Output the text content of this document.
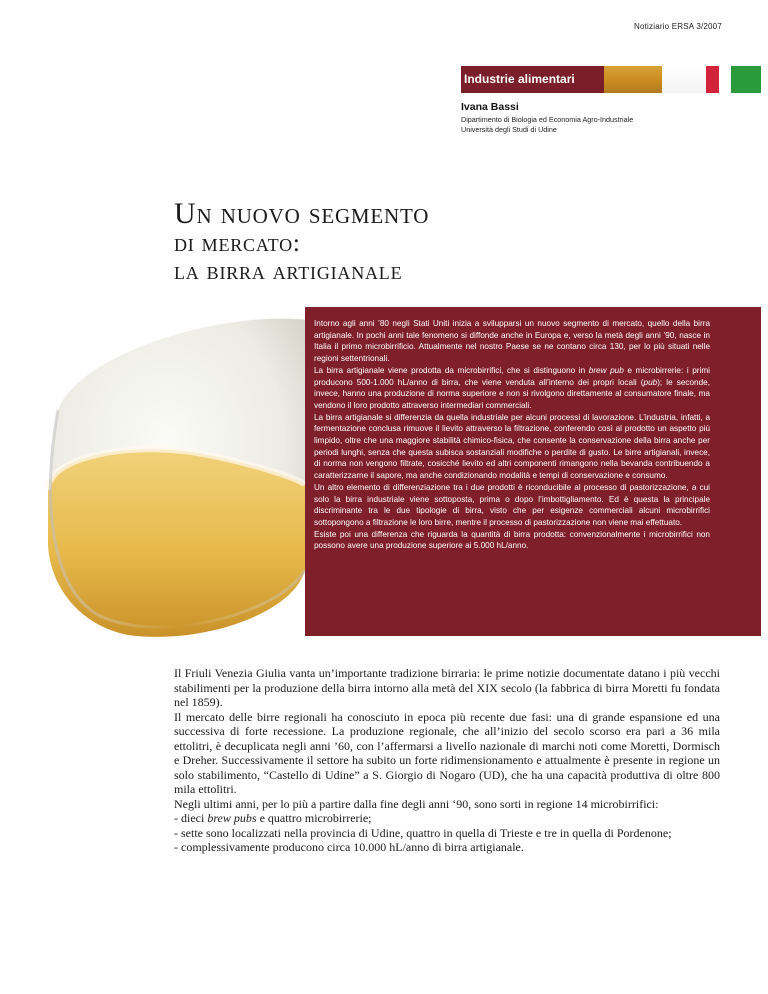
Notiziario ERSA 3/2007
Industrie alimentari
Ivana Bassi
Dipartimento di Biologia ed Economia Agro-Industriale
Università degli Studi di Udine
Un nuovo segmento
di mercato:
la birra artigianale

Intorno agli anni ’80 negli Stati Uniti inizia a svilupparsi un nuovo segmento di mercato, quello della birra artigianale. In pochi anni tale fenomeno si diffonde anche in Europa e, verso la metà degli anni ’90, nasce in Italia il primo microbirrificio. Attualmente nel nostro Paese se ne contano circa 130, per lo più situati nelle regioni settentrionali.

La birra artigianale viene prodotta da microbirrifici, che si distinguono in brew pub e microbirrerie: i primi producono 500-1.000 hL/anno di birra, che viene venduta all’interno dei propri locali (pub); le seconde, invece, hanno una produzione di norma superiore e non si rivolgono direttamente al consumatore finale, ma vendono il loro prodotto attraverso intermediari commerciali.

La birra artigianale si differenzia da quella industriale per alcuni processi di lavorazione. L’industria, infatti, a fermentazione conclusa rimuove il lievito attraverso la filtrazione, conferendo così al prodotto un aspetto più limpido, oltre che una maggiore stabilità chimico-fisica, che consente la conservazione della birra anche per periodi lunghi, senza che questa subisca sostanziali modifiche o perdite di gusto. Le birre artigianali, invece, di norma non vengono filtrate, cosicché lievito ed altri componenti rimangono nella bevanda contribuendo a caratterizzarne il sapore, ma anche condizionando modalità e tempi di conservazione e consumo.

Un altro elemento di differenziazione tra i due prodotti è riconducibile al processo di pastorizzazione, a cui solo la birra industriale viene sottoposta, prima o dopo l’imbottigliamento. Ed è questa la principale discriminante tra le due tipologie di birra, visto che per esigenze commerciali alcuni microbirrifici sottopongono a filtrazione le loro birre, mentre il processo di pastorizzazione non viene mai effettuato.

Esiste poi una differenza che riguarda la quantità di birra prodotta: convenzionalmente i microbirrifici non possono avere una produzione superiore ai 5.000 hL/anno.

Il Friuli Venezia Giulia vanta un’importante tradizione birraria: le prime notizie documentate datano i più vecchi stabilimenti per la produzione della birra intorno alla metà del XIX secolo (la fabbrica di birra Moretti fu fondata nel 1859).

Il mercato delle birre regionali ha conosciuto in epoca più recente due fasi: una di grande espansione ed una successiva di forte recessione. La produzione regionale, che all’inizio del secolo scorso era pari a 36 mila ettolitri, è decuplicata negli anni ’60, con l’affermarsi a livello nazionale di marchi noti come Moretti, Dormisch e Dreher. Successivamente il settore ha subito un forte ridimensionamento e attualmente è presente in regione un solo stabilimento, “Castello di Udine” a S. Giorgio di Nogaro (UD), che ha una capacità produttiva di oltre 800 mila ettolitri.

Negli ultimi anni, per lo più a partire dalla fine degli anni ‘90, sono sorti in regione 14 microbirrifici:

- dieci brew pubs e quattro microbirrerie;
- sette sono localizzati nella provincia di Udine, quattro in quella di Trieste e tre in quella di Pordenone;
- complessivamente producono circa 10.000 hL/anno di birra artigianale.
